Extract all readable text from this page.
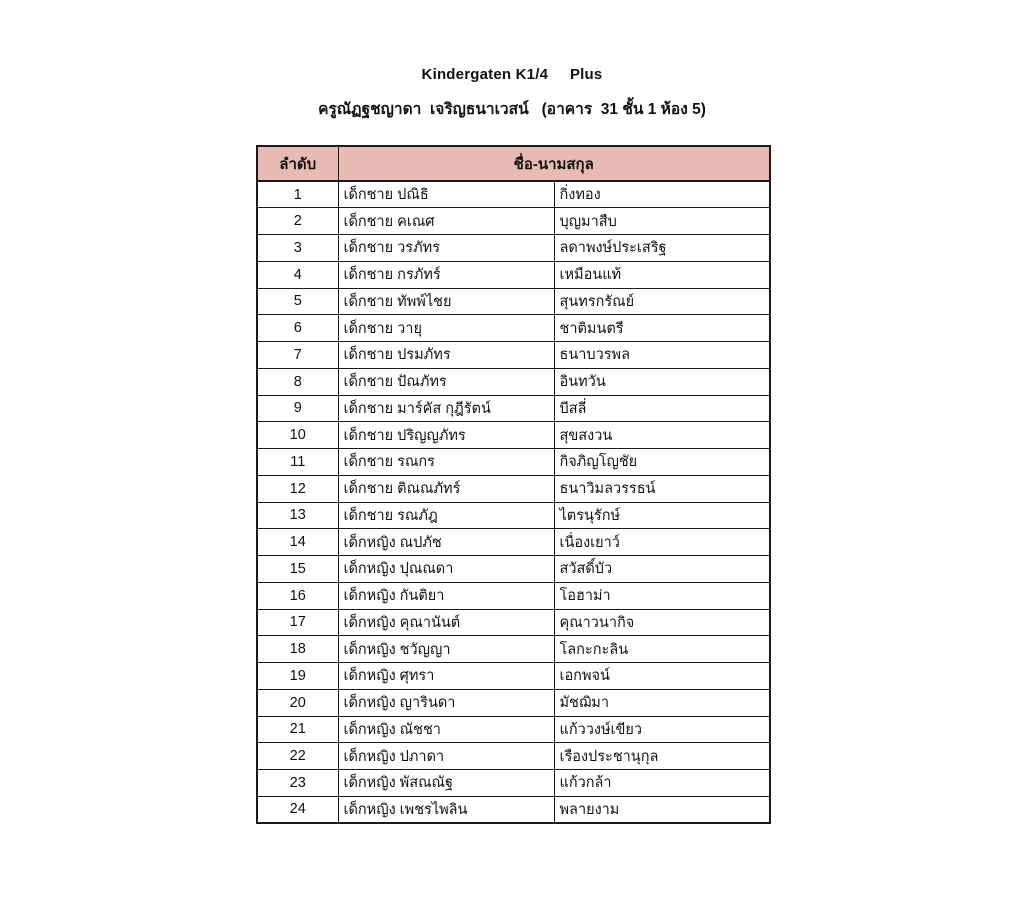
Kindergaten K1/4     Plus
ครูณัฏฐชญาดา  เจริญธนาเวสน์   (อาคาร  31 ชั้น 1 ห้อง 5)
ลำดับ	ชื่อ-นามสกุล	
1	เด็กชาย ปณิธิ	กิ่งทอง
2	เด็กชาย คเณศ	บุญมาสืบ
3	เด็กชาย วรภัทร	ลดาพงษ์ประเสริฐ
4	เด็กชาย กรภัทร์	เหมือนแท้
5	เด็กชาย ทัพพ์ไชย	สุนทรกรัณย์
6	เด็กชาย วายุ	ชาติมนตรี
7	เด็กชาย ปรมภัทร	ธนาบวรพล
8	เด็กชาย ปัณภัทร	อินทวัน
9	เด็กชาย มาร์คัส กุฎีรัตน์	บีสลี่
10	เด็กชาย ปริญญภัทร	สุขสงวน
11	เด็กชาย รณกร	กิจภิญโญชัย
12	เด็กชาย ติณณภัทร์	ธนาวิมลวรรธน์
13	เด็กชาย รณภัฎ	ไตรนุรักษ์
14	เด็กหญิง ณปภัช	เนื่องเยาว์
15	เด็กหญิง ปุณณดา	สวัสดิ์บัว
16	เด็กหญิง กันติยา	โอฮาม่า
17	เด็กหญิง คุณานันต์	คุณาวนากิจ
18	เด็กหญิง ชวัญญา	โลกะกะลิน
19	เด็กหญิง ศุทรา	เอกพจน์
20	เด็กหญิง ญารินดา	มัชฌิมา
21	เด็กหญิง ณัชชา	แก้ววงษ์เขียว
22	เด็กหญิง ปภาดา	เรืองประชานุกุล
23	เด็กหญิง พัสณณัฐ	แก้วกล้า
24	เด็กหญิง เพชรไพลิน	พลายงาม
